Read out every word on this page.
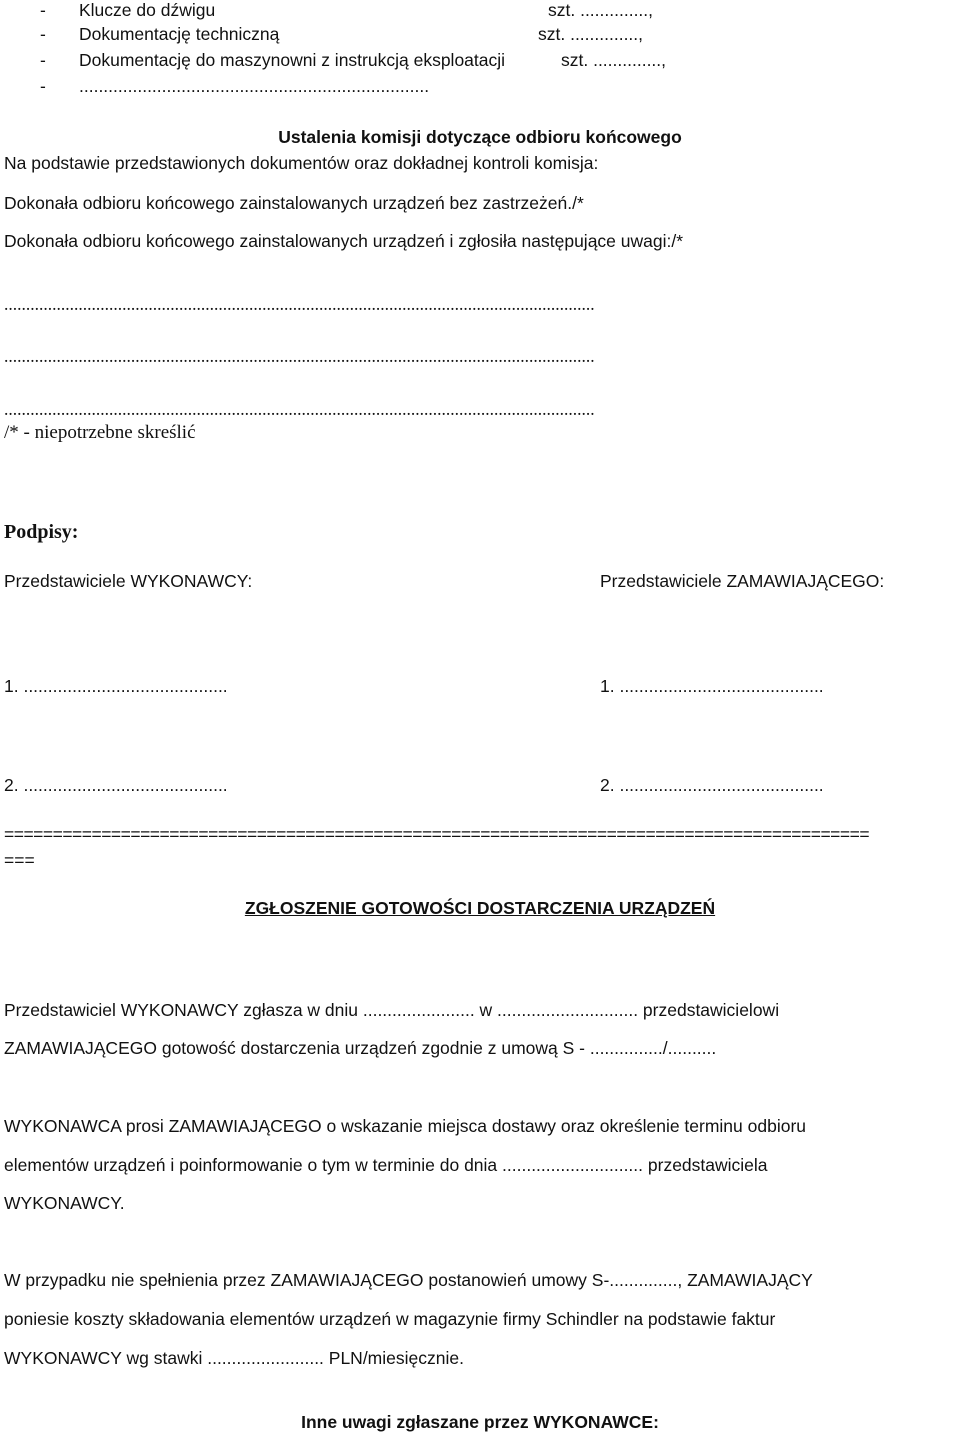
- Klucze do dźwigu	szt. ..............,
- Dokumentację techniczną	szt. ..............,
- Dokumentację do maszynowni z instrukcją eksploatacji	szt. ..............,
- ........................................................................
Ustalenia komisji dotyczące odbioru końcowego
Na podstawie przedstawionych dokumentów oraz dokładnej kontroli komisja:
Dokonała odbioru końcowego zainstalowanych urządzeń bez zastrzeżeń./*
Dokonała odbioru końcowego zainstalowanych urządzeń i zgłosiła następujące uwagi:/*
.......................................................................................................................................
.......................................................................................................................................
.......................................................................................................................................
/* - niepotrzebne skreślić
Podpisy:
Przedstawiciele WYKONAWCY:	Przedstawiciele ZAMAWIAJĄCEGO:
1. ..........................................	1. ..........................................
2. ..........................................	2. ..........................................
=========================================================================================
===
ZGŁOSZENIE GOTOWOŚCI DOSTARCZENIA URZĄDZEŃ
Przedstawiciel WYKONAWCY zgłasza w dniu ....................... w ............................. przedstawicielowi
ZAMAWIAJĄCEGO gotowość dostarczenia urządzeń zgodnie z umową S - .............../..........
WYKONAWCA prosi ZAMAWIAJĄCEGO o wskazanie miejsca dostawy oraz określenie terminu odbioru
elementów urządzeń i poinformowanie o tym w terminie do dnia ............................. przedstawiciela
WYKONAWCY.
W przypadku nie spełnienia przez ZAMAWIAJĄCEGO postanowień umowy S-.............., ZAMAWIAJĄCY
poniesie koszty składowania elementów urządzeń w magazynie firmy Schindler na podstawie faktur
WYKONAWCY wg stawki ........................ PLN/miesięcznie.
Inne uwagi zgłaszane przez WYKONAWCE:
